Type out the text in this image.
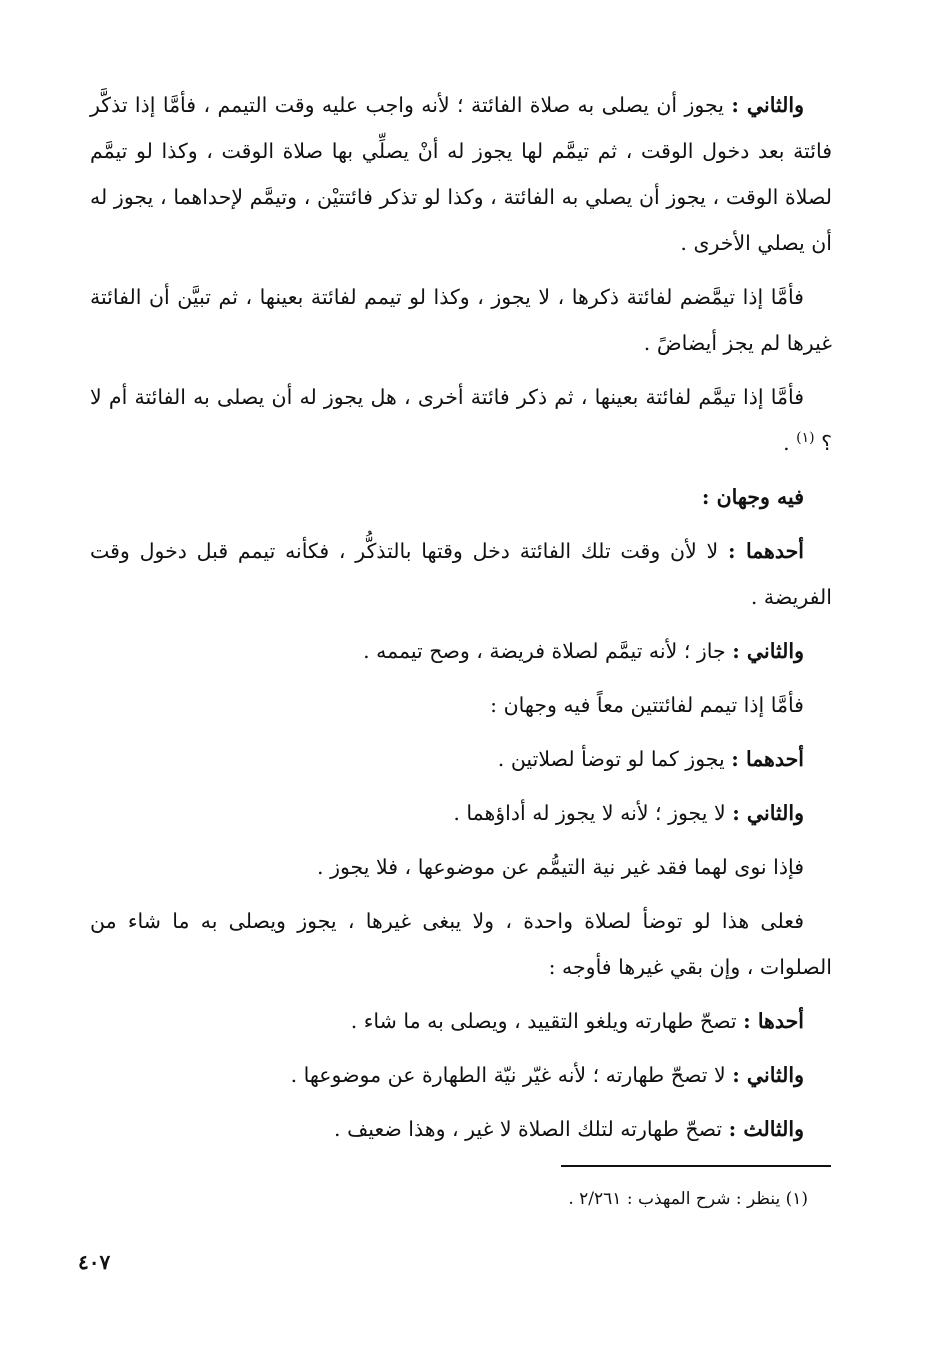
والثاني : يجوز أن يصلى به صلاة الفائتة ؛ لأنه واجب عليه وقت التيمم ، فأمَّا إذا تذكَّر فائتة بعد دخول الوقت ، ثم تيمَّم لها يجوز له أنْ يصلِّي بها صلاة الوقت ، وكذا لو تيمَّم لصلاة الوقت ، يجوز أن يصلي به الفائتة ، وكذا لو تذكر فائتتيْن ، وتيمَّم لإحداهما ، يجوز له أن يصلي الأخرى .

فأمَّا إذا تيمَّضم لفائتة ذكرها ، لا يجوز ، وكذا لو تيمم لفائتة بعينها ، ثم تبيَّن أن الفائتة غيرها لم يجز أيضاضً .

فأمَّا إذا تيمَّم لفائتة بعينها ، ثم ذكر فائتة أخرى ، هل يجوز له أن يصلى به الفائتة أم لا ؟ $^{(١)}$ .

فيه وجهان :

أحدهما : لا لأن وقت تلك الفائتة دخل وقتها بالتذكُّر ، فكأنه تيمم قبل دخول وقت الفريضة .

والثاني : جاز ؛ لأنه تيمَّم لصلاة فريضة ، وصح تيممه .

فأمَّا إذا تيمم لفائتتين معاً فيه وجهان :

أحدهما : يجوز كما لو توضأ لصلاتين .

والثاني : لا يجوز ؛ لأنه لا يجوز له أداؤهما .

فإذا نوى لهما فقد غير نية التيمُّم عن موضوعها ، فلا يجوز .

فعلى هذا لو توضأ لصلاة واحدة ، ولا يبغى غيرها ، يجوز ويصلى به ما شاء من الصلوات ، وإن بقي غيرها فأوجه :

أحدها : تصحّ طهارته ويلغو التقييد ، ويصلى به ما شاء .

والثاني : لا تصحّ طهارته ؛ لأنه غيّر نيّة الطهارة عن موضوعها .

والثالث : تصحّ طهارته لتلك الصلاة لا غير ، وهذا ضعيف .

(١) ينظر : شرح المهذب : ٢/٢٦١ .
٤٠٧
